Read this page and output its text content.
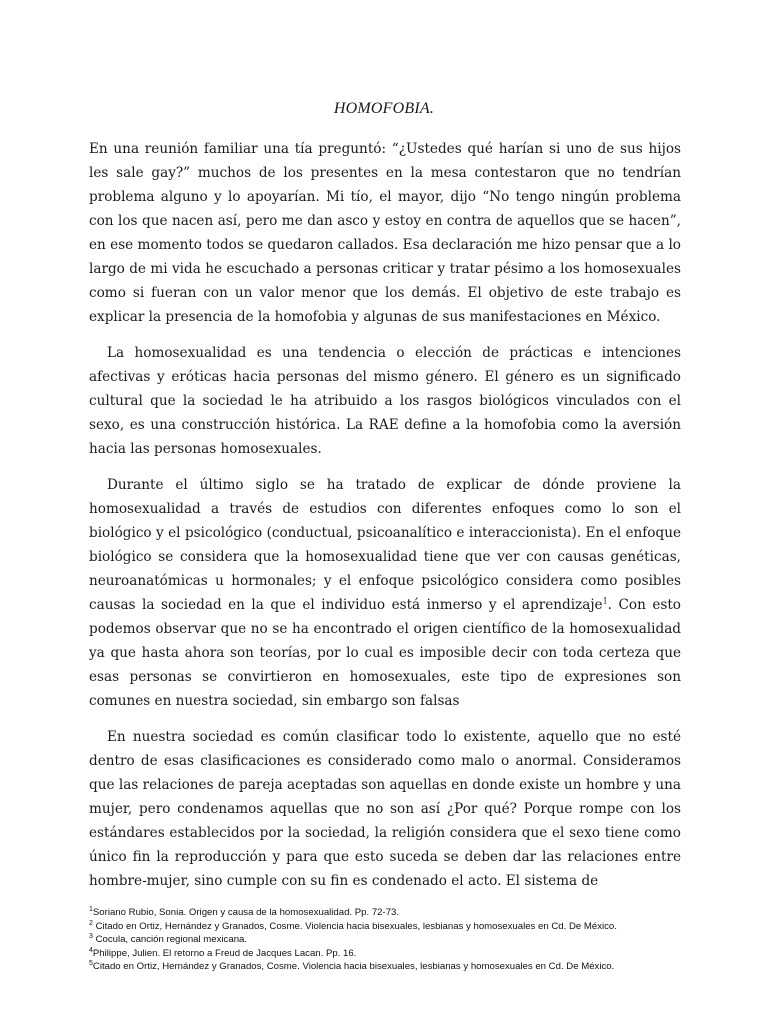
HOMOFOBIA.

En una reunión familiar una tía preguntó: “¿Ustedes qué harían si uno de sus hijos les sale gay?” muchos de los presentes en la mesa contestaron que no tendrían problema alguno y lo apoyarían. Mi tío, el mayor, dijo “No tengo ningún problema con los que nacen así, pero me dan asco y estoy en contra de aquellos que se hacen”, en ese momento todos se quedaron callados. Esa declaración me hizo pensar que a lo largo de mi vida he escuchado a personas criticar y tratar pésimo a los homosexuales como si fueran con un valor menor que los demás. El objetivo de este trabajo es explicar la presencia de la homofobia y algunas de sus manifestaciones en México.

La homosexualidad es una tendencia o elección de prácticas e intenciones afectivas y eróticas hacia personas del mismo género. El género es un significado cultural que la sociedad le ha atribuido a los rasgos biológicos vinculados con el sexo, es una construcción histórica. La RAE define a la homofobia como la aversión hacia las personas homosexuales.

Durante el último siglo se ha tratado de explicar de dónde proviene la homosexualidad a través de estudios con diferentes enfoques como lo son el biológico y el psicológico (conductual, psicoanalítico e interaccionista). En el enfoque biológico se considera que la homosexualidad tiene que ver con causas genéticas, neuroanatómicas u hormonales; y el enfoque psicológico considera como posibles causas la sociedad en la que el individuo está inmerso y el aprendizaje$^1$. Con esto podemos observar que no se ha encontrado el origen científico de la homosexualidad ya que hasta ahora son teorías, por lo cual es imposible decir con toda certeza que esas personas se convirtieron en homosexuales, este tipo de expresiones son comunes en nuestra sociedad, sin embargo son falsas

En nuestra sociedad es común clasificar todo lo existente, aquello que no esté dentro de esas clasificaciones es considerado como malo o anormal. Consideramos que las relaciones de pareja aceptadas son aquellas en donde existe un hombre y una mujer, pero condenamos aquellas que no son así ¿Por qué? Porque rompe con los estándares establecidos por la sociedad, la religión considera que el sexo tiene como único fin la reproducción y para que esto suceda se deben dar las relaciones entre hombre-mujer, sino cumple con su fin es condenado el acto. El sistema de

$^1$Soriano Rubio, Sonia. Origen y causa de la homosexualidad. Pp. 72-73.
$^2$ Citado en Ortiz, Hernández y Granados, Cosme. Violencia hacia bisexuales, lesbianas y homosexuales en Cd. De México.
$^3$ Cocula, canción regional mexicana.
$^4$Philippe, Julien. El retorno a Freud de Jacques Lacan. Pp. 16.
$^5$Citado en Ortiz, Hernández y Granados, Cosme. Violencia hacia bisexuales, lesbianas y homosexuales en Cd. De México.
